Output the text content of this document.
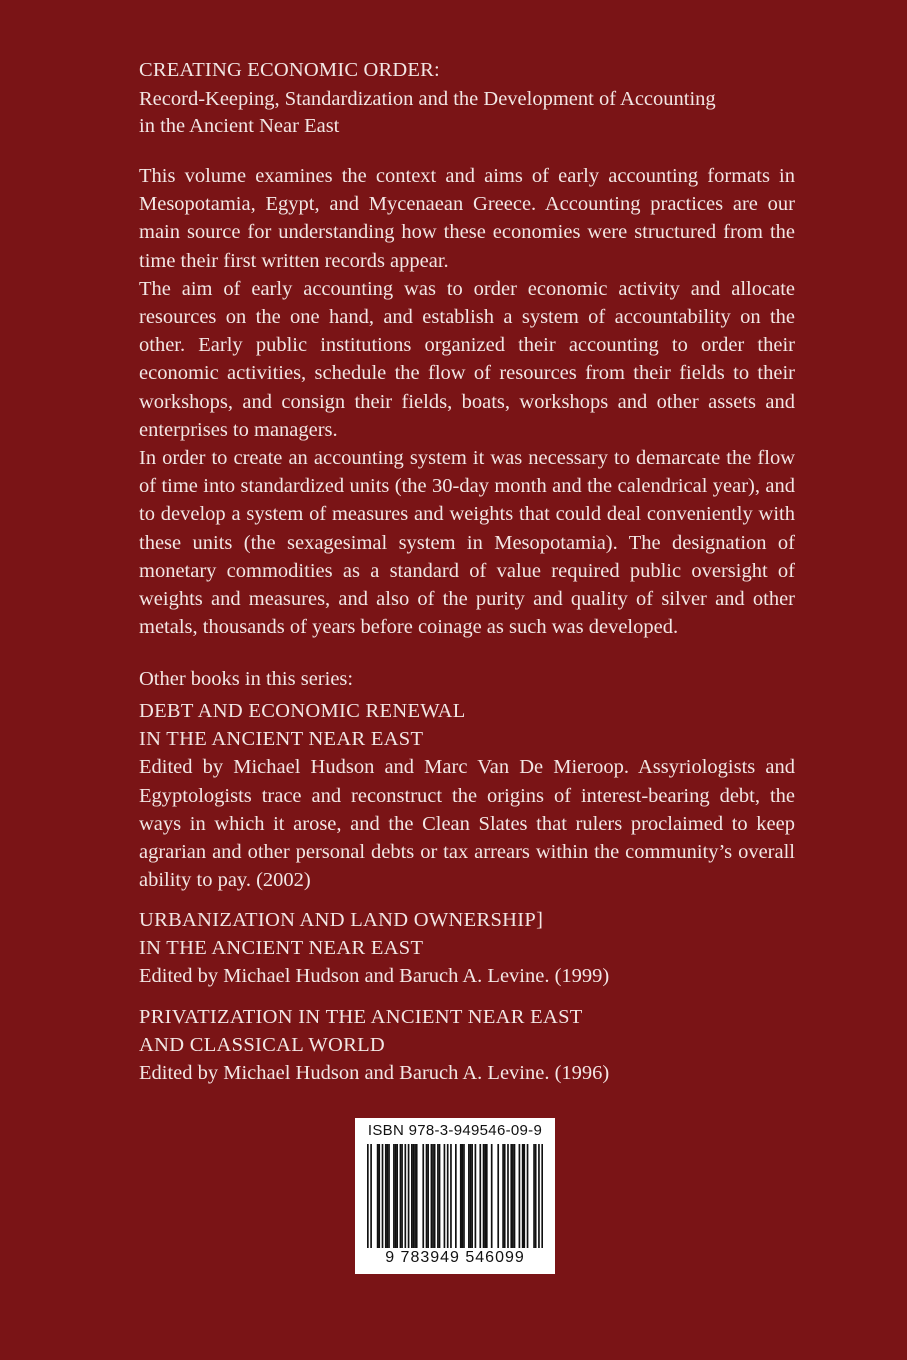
CREATING ECONOMIC ORDER:

Record-Keeping, Standardization and the Development of Accounting
in the Ancient Near East

This volume examines the context and aims of early accounting formats in Mesopotamia, Egypt, and Mycenaean Greece. Accounting practices are our main source for understanding how these economies were structured from the time their first written records appear.

The aim of early accounting was to order economic activity and allocate resources on the one hand, and establish a system of accountability on the other. Early public institutions organized their accounting to order their economic activities, schedule the flow of resources from their fields to their workshops, and consign their fields, boats, workshops and other assets and enterprises to managers.

In order to create an accounting system it was necessary to demarcate the flow of time into standardized units (the 30-day month and the calendrical year), and to develop a system of measures and weights that could deal conveniently with these units (the sexagesimal system in Mesopotamia). The designation of monetary commodities as a standard of value required public oversight of weights and measures, and also of the purity and quality of silver and other metals, thousands of years before coinage as such was developed.

Other books in this series:

DEBT AND ECONOMIC RENEWAL
IN THE ANCIENT NEAR EAST
Edited by Michael Hudson and Marc Van De Mieroop. Assyriologists and Egyptologists trace and reconstruct the origins of interest-bearing debt, the ways in which it arose, and the Clean Slates that rulers proclaimed to keep agrarian and other personal debts or tax arrears within the community’s overall ability to pay. (2002)
URBANIZATION AND LAND OWNERSHIP]
IN THE ANCIENT NEAR EAST
Edited by Michael Hudson and Baruch A. Levine. (1999)
PRIVATIZATION IN THE ANCIENT NEAR EAST
AND CLASSICAL WORLD
Edited by Michael Hudson and Baruch A. Levine. (1996)
ISBN 978-3-949546-09-9
9 783949 546099
